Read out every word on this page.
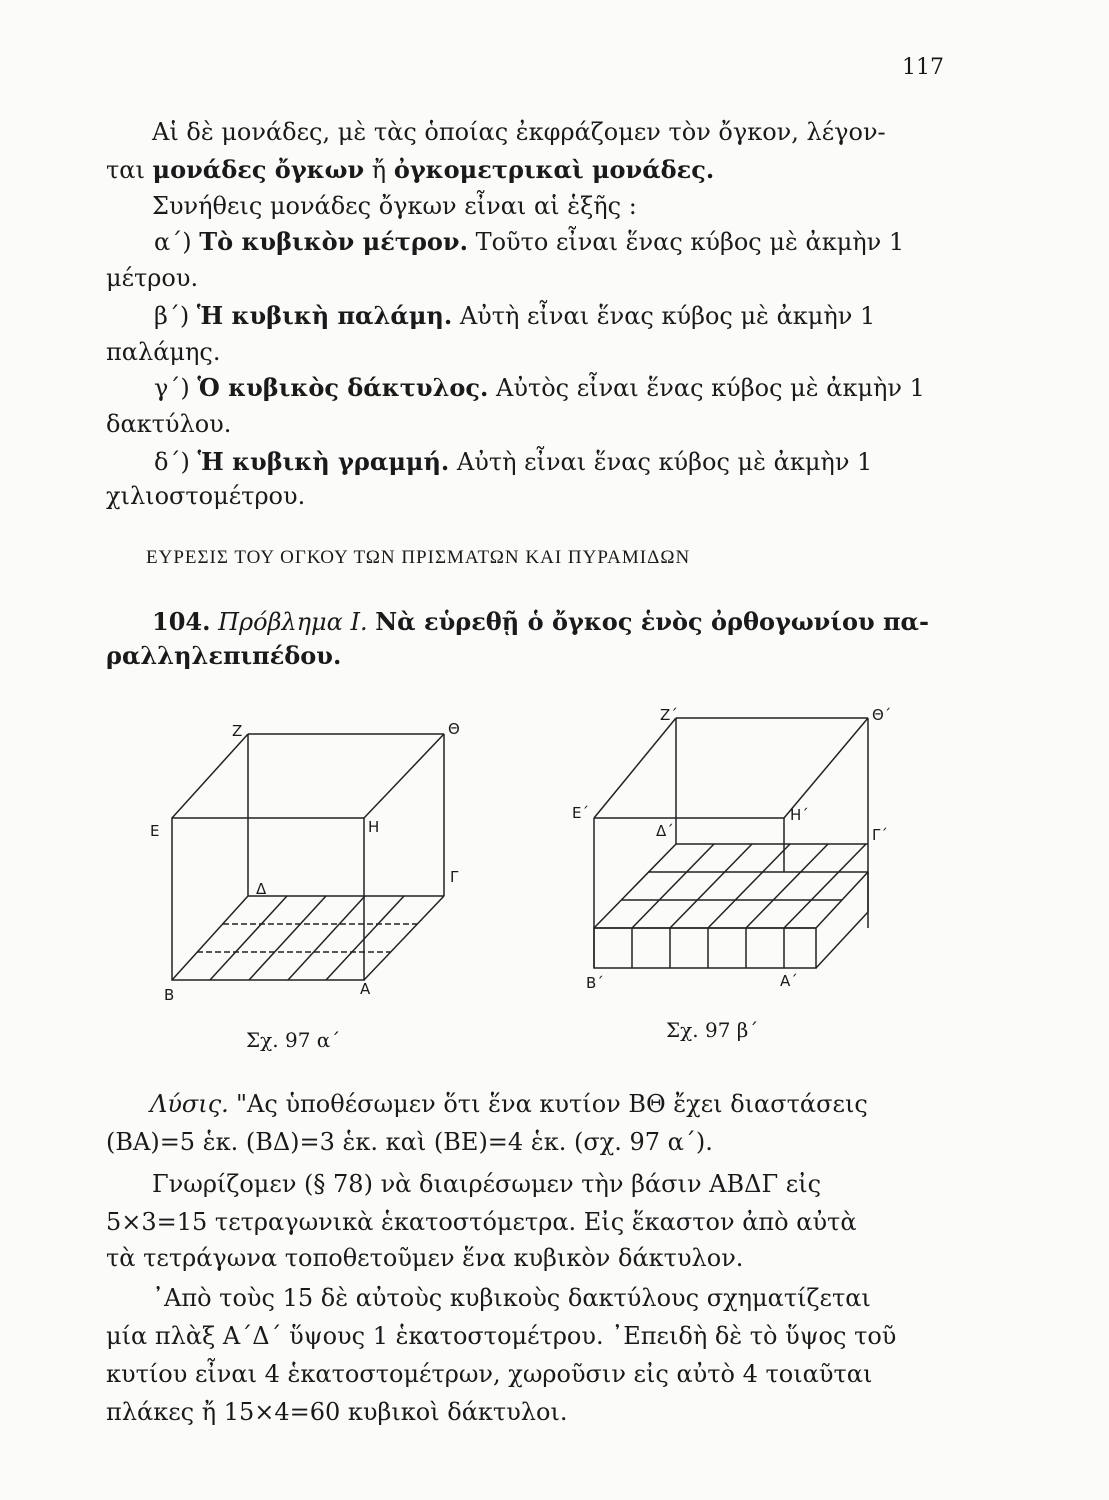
117
Αἱ δὲ μονάδες, μὲ τὰς ὁποίας ἐκφράζομεν τὸν ὄγκον, λέγον-
ται μονάδες ὄγκων ἤ ὀγκομετρικαὶ μονάδες.
Συνήθεις μονάδες ὄγκων εἶναι αἱ ἑξῆς :
α΄) Τὸ κυβικὸν μέτρον. Τοῦτο εἶναι ἕνας κύβος μὲ ἀκμὴν 1
μέτρου.
β΄) Ἡ κυβικὴ παλάμη. Αὐτὴ εἶναι ἕνας κύβος μὲ ἀκμὴν 1
παλάμης.
γ΄) Ὁ κυβικὸς δάκτυλος. Αὐτὸς εἶναι ἕνας κύβος μὲ ἀκμὴν 1
δακτύλου.
δ΄) Ἡ κυβικὴ γραμμή. Αὐτὴ εἶναι ἕνας κύβος μὲ ἀκμὴν 1
χιλιοστομέτρου.
ΕΥΡΕΣΙΣ ΤΟΥ ΟΓΚΟΥ ΤΩΝ ΠΡΙΣΜΑΤΩΝ ΚΑΙ ΠΥΡΑΜΙΔΩΝ
104. Πρόβλημα I. Νὰ εὑρεθῇ ὁ ὄγκος ἑνὸς ὀρθογωνίου πα-
ραλληλεπιπέδου.
Ζ	Θ
Ε	Η
Δ
Γ
Β	Α
Σχ. 97 α΄
Ζ΄	Θ΄
Ε΄	Η΄
Δ΄	Γ΄
Β΄	Α΄
Σχ. 97 β΄
Λύσις. "Ας ὑποθέσωμεν ὅτι ἕνα κυτίον ΒΘ ἔχει διαστάσεις
(ΒΑ)=5 ἑκ. (ΒΔ)=3 ἑκ. καὶ (ΒΕ)=4 ἑκ. (σχ. 97 α΄).
Γνωρίζομεν (§ 78) νὰ διαιρέσωμεν τὴν βάσιν ΑΒΔΓ εἰς
5×3=15 τετραγωνικὰ ἑκατοστόμετρα. Εἰς ἕκαστον ἀπὸ αὐτὰ
τὰ τετράγωνα τοποθετοῦμεν ἕνα κυβικὸν δάκτυλον.
᾿Απὸ τοὺς 15 δὲ αὐτοὺς κυβικοὺς δακτύλους σχηματίζεται
μία πλὰξ Α΄Δ΄ ὕψους 1 ἑκατοστομέτρου. ᾿Επειδὴ δὲ τὸ ὕψος τοῦ
κυτίου εἶναι 4 ἑκατοστομέτρων, χωροῦσιν εἰς αὐτὸ 4 τοιαῦται
πλάκες ἤ 15×4=60 κυβικοὶ δάκτυλοι.
